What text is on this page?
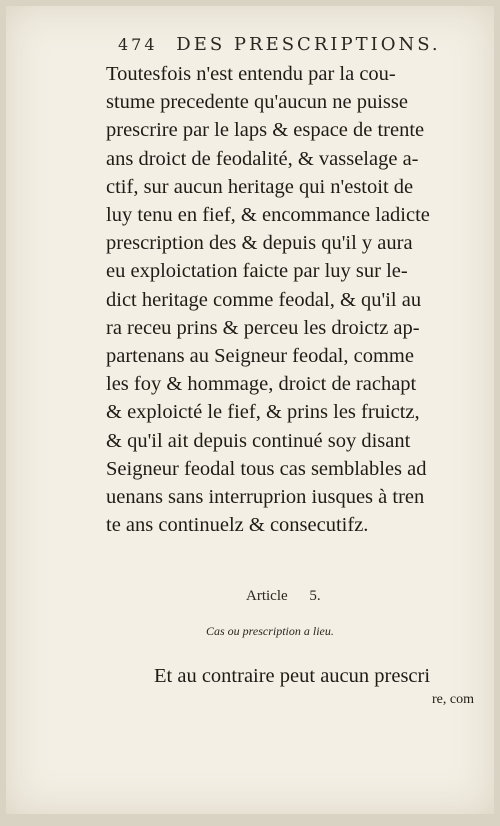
474 DES PRESCRIPTIONS.

Toutesfois n'est entendu par la cou-
stume precedente qu'aucun ne puisse
prescrire par le laps & espace de trente
ans droict de feodalité, & vasselage a-
ctif, sur aucun heritage qui n'estoit de
luy tenu en fief, & encommance ladicte
prescription des & depuis qu'il y aura
eu exploictation faicte par luy sur le-
dict heritage comme feodal, & qu'il au
ra receu prins & perceu les droictz ap-
partenans au Seigneur feodal, comme
les foy & hommage, droict de rachapt
& exploicté le fief, & prins les fruictz,
& qu'il ait depuis continué soy disant
Seigneur feodal tous cas semblables ad
uenans sans interruprion iusques à tren
te ans continuelz & consecutifz.

Article 5.
Cas ou prescription a lieu.
Et au contraire peut aucun prescri
re, com
